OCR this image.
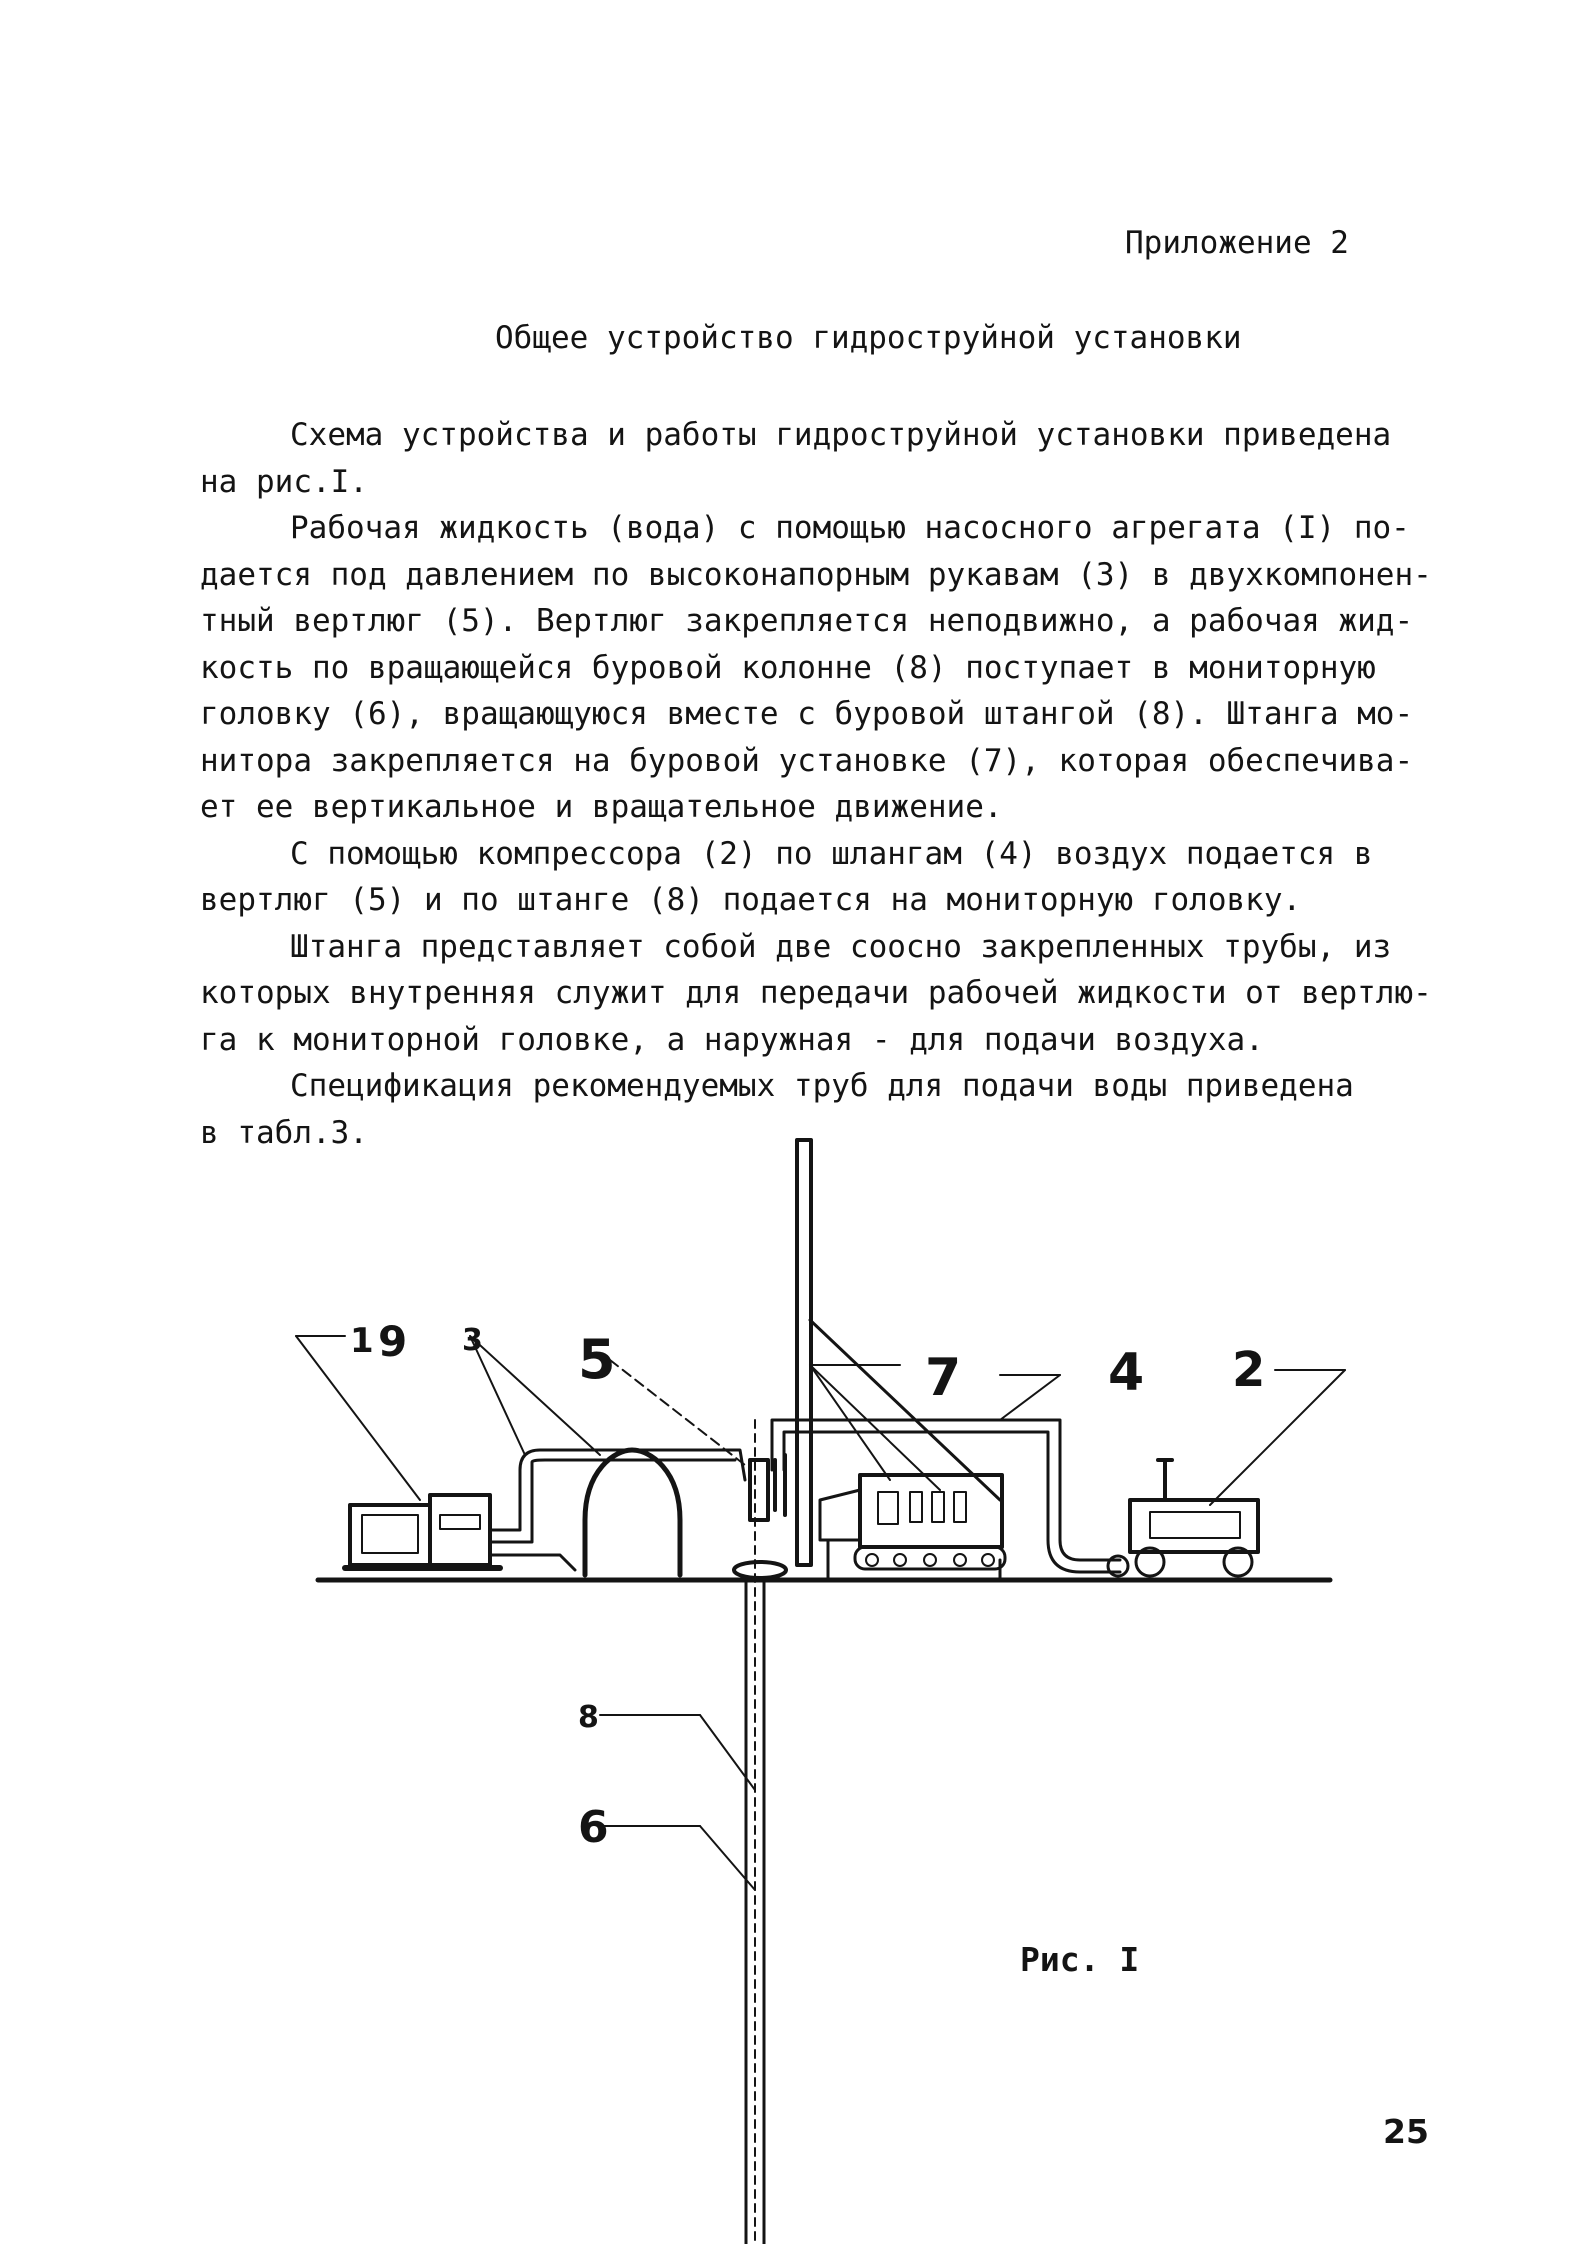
Приложение 2
Общее устройство гидроструйной установки

Схема устройства и работы гидроструйной установки приведена
на рис.I.

Рабочая жидкость (вода) с помощью насосного агрегата (I) по-
дается под давлением по высоконапорным рукавам (3) в двухкомпонен-
тный вертлюг (5). Вертлюг закрепляется неподвижно, а рабочая жид-
кость по вращающейся буровой колонне (8) поступает в мониторную
головку (6), вращающуюся вместе с буровой штангой (8). Штанга мо-
нитора закрепляется на буровой установке (7), которая обеспечива-
ет ее вертикальное и вращательное движение.

С помощью компрессора (2) по шлангам (4) воздух подается в
вертлюг (5) и по штанге (8) подается на мониторную головку.

Штанга представляет собой две соосно закрепленных трубы, из
которых внутренняя служит для передачи рабочей жидкости от вертлю-
га к мониторной головке, а наружная - для подачи воздуха.

Спецификация рекомендуемых труб для подачи воды приведена
в табл.3.

1 9 3 5	7	4 2
8
6
Рис. I
25
